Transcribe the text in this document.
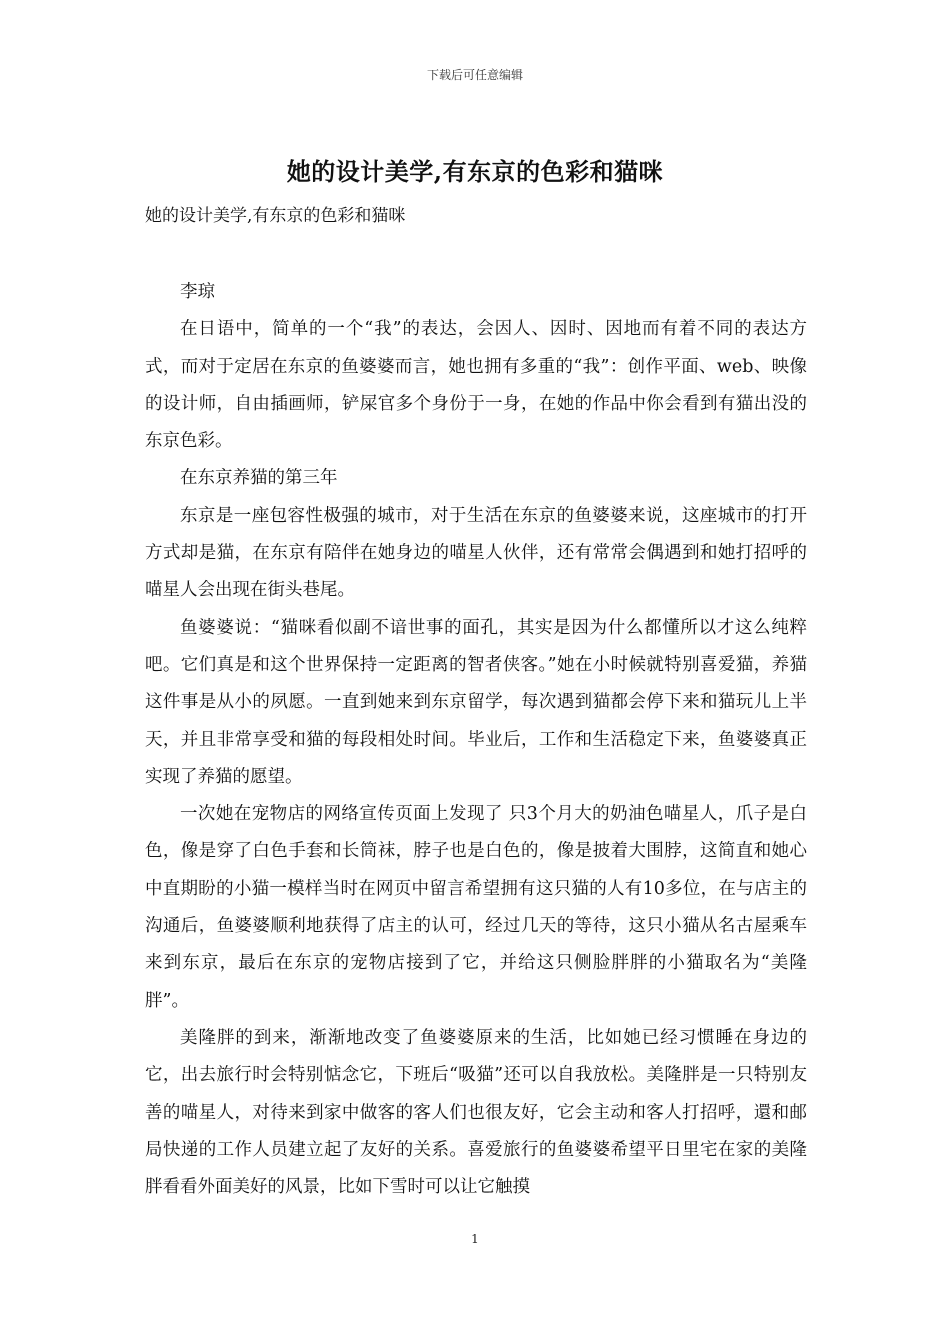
下载后可任意编辑
她的设计美学,有东京的色彩和猫咪
她的设计美学,有东京的色彩和猫咪

李琼

在日语中，简单的一个“我”的表达，会因人、因时、因地而有着不同的表达方式，而对于定居在东京的鱼婆婆而言，她也拥有多重的“我”：创作平面、web、映像的设计师，自由插画师，铲屎官多个身份于一身，在她的作品中你会看到有猫出没的东京色彩。

在东京养猫的第三年

东京是一座包容性极强的城市，对于生活在东京的鱼婆婆来说，这座城市的打开方式却是猫，在东京有陪伴在她身边的喵星人伙伴，还有常常会偶遇到和她打招呼的喵星人会出现在街头巷尾。

鱼婆婆说：“猫咪看似副不谙世事的面孔，其实是因为什么都懂所以才这么纯粹吧。它们真是和这个世界保持一定距离的智者侠客。”她在小时候就特别喜爱猫，养猫这件事是从小的夙愿。一直到她来到东京留学，每次遇到猫都会停下来和猫玩儿上半天，并且非常享受和猫的每段相处时间。毕业后，工作和生活稳定下来，鱼婆婆真正实现了养猫的愿望。

一次她在宠物店的网络宣传页面上发现了 只3个月大的奶油色喵星人，爪子是白色，像是穿了白色手套和长筒袜，脖子也是白色的，像是披着大围脖，这简直和她心中直期盼的小猫一模样当时在网页中留言希望拥有这只猫的人有10多位，在与店主的沟通后，鱼婆婆顺利地获得了店主的认可，经过几天的等待，这只小猫从名古屋乘车来到东京，最后在东京的宠物店接到了它，并给这只侧脸胖胖的小猫取名为“美隆胖”。

美隆胖的到来，渐渐地改变了鱼婆婆原来的生活，比如她已经习惯睡在身边的它，出去旅行时会特别惦念它，下班后“吸猫”还可以自我放松。美隆胖是一只特别友善的喵星人，对待来到家中做客的客人们也很友好，它会主动和客人打招呼，還和邮局快递的工作人员建立起了友好的关系。喜爱旅行的鱼婆婆希望平日里宅在家的美隆胖看看外面美好的风景，比如下雪时可以让它触摸

1
